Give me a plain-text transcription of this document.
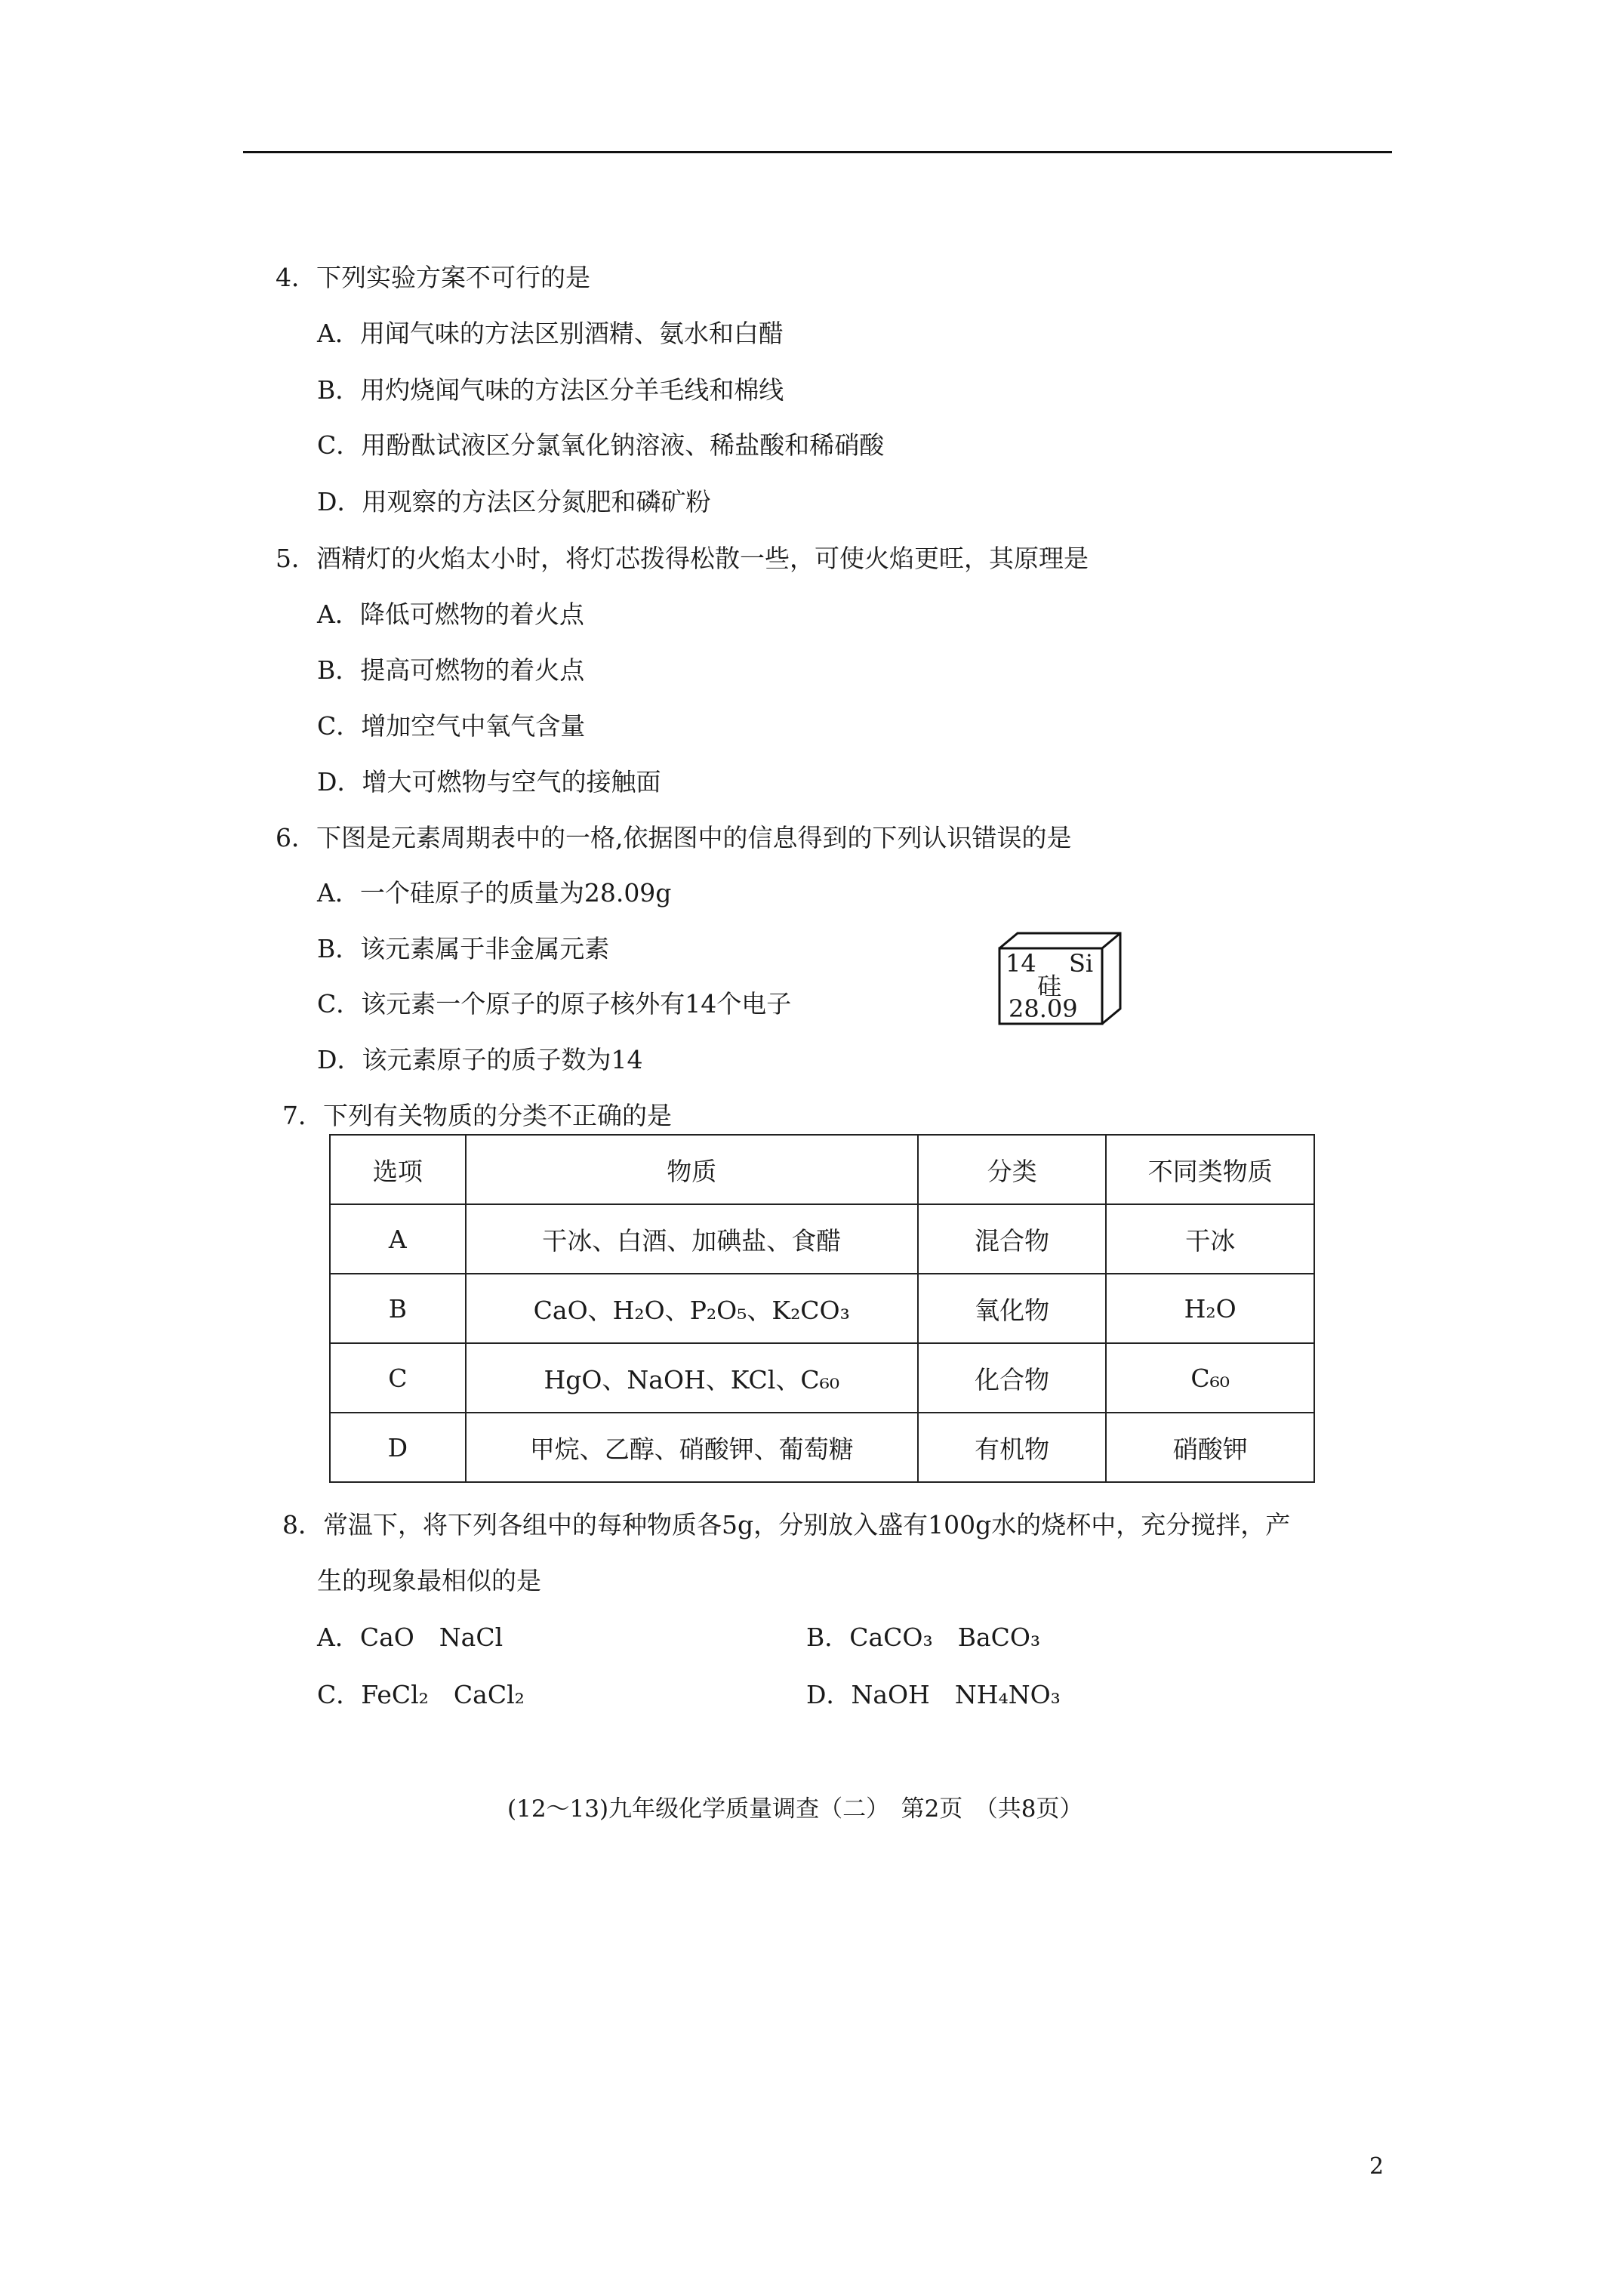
4．下列实验方案不可行的是
A．用闻气味的方法区别酒精、氨水和白醋
B．用灼烧闻气味的方法区分羊毛线和棉线
C．用酚酞试液区分氯氧化钠溶液、稀盐酸和稀硝酸
D．用观察的方法区分氮肥和磷矿粉
5．酒精灯的火焰太小时，将灯芯拨得松散一些，可使火焰更旺，其原理是
A．降低可燃物的着火点
B．提高可燃物的着火点
C．增加空气中氧气含量
D．增大可燃物与空气的接触面
6．下图是元素周期表中的一格,依据图中的信息得到的下列认识错误的是
A．一个硅原子的质量为28.09g
B．该元素属于非金属元素
C．该元素一个原子的原子核外有14个电子
D．该元素原子的质子数为14
14 Si
硅
28.09
7．下列有关物质的分类不正确的是
选项	物质	分类	不同类物质
A	干冰、白酒、加碘盐、食醋	混合物	干冰
B	CaO、H₂O、P₂O₅、K₂CO₃	氧化物	H₂O
C	HgO、NaOH、KCl、C₆₀	化合物	C₆₀
D	甲烷、乙醇、硝酸钾、葡萄糖	有机物	硝酸钾
8．常温下，将下列各组中的每种物质各5g，分别放入盛有100g水的烧杯中，充分搅拌，产
生的现象最相似的是
A．CaO　NaCl	B．CaCO₃　BaCO₃
C．FeCl₂　CaCl₂	D．NaOH　NH₄NO₃
(12～13)九年级化学质量调查（二）　第2页　（共8页）
2
